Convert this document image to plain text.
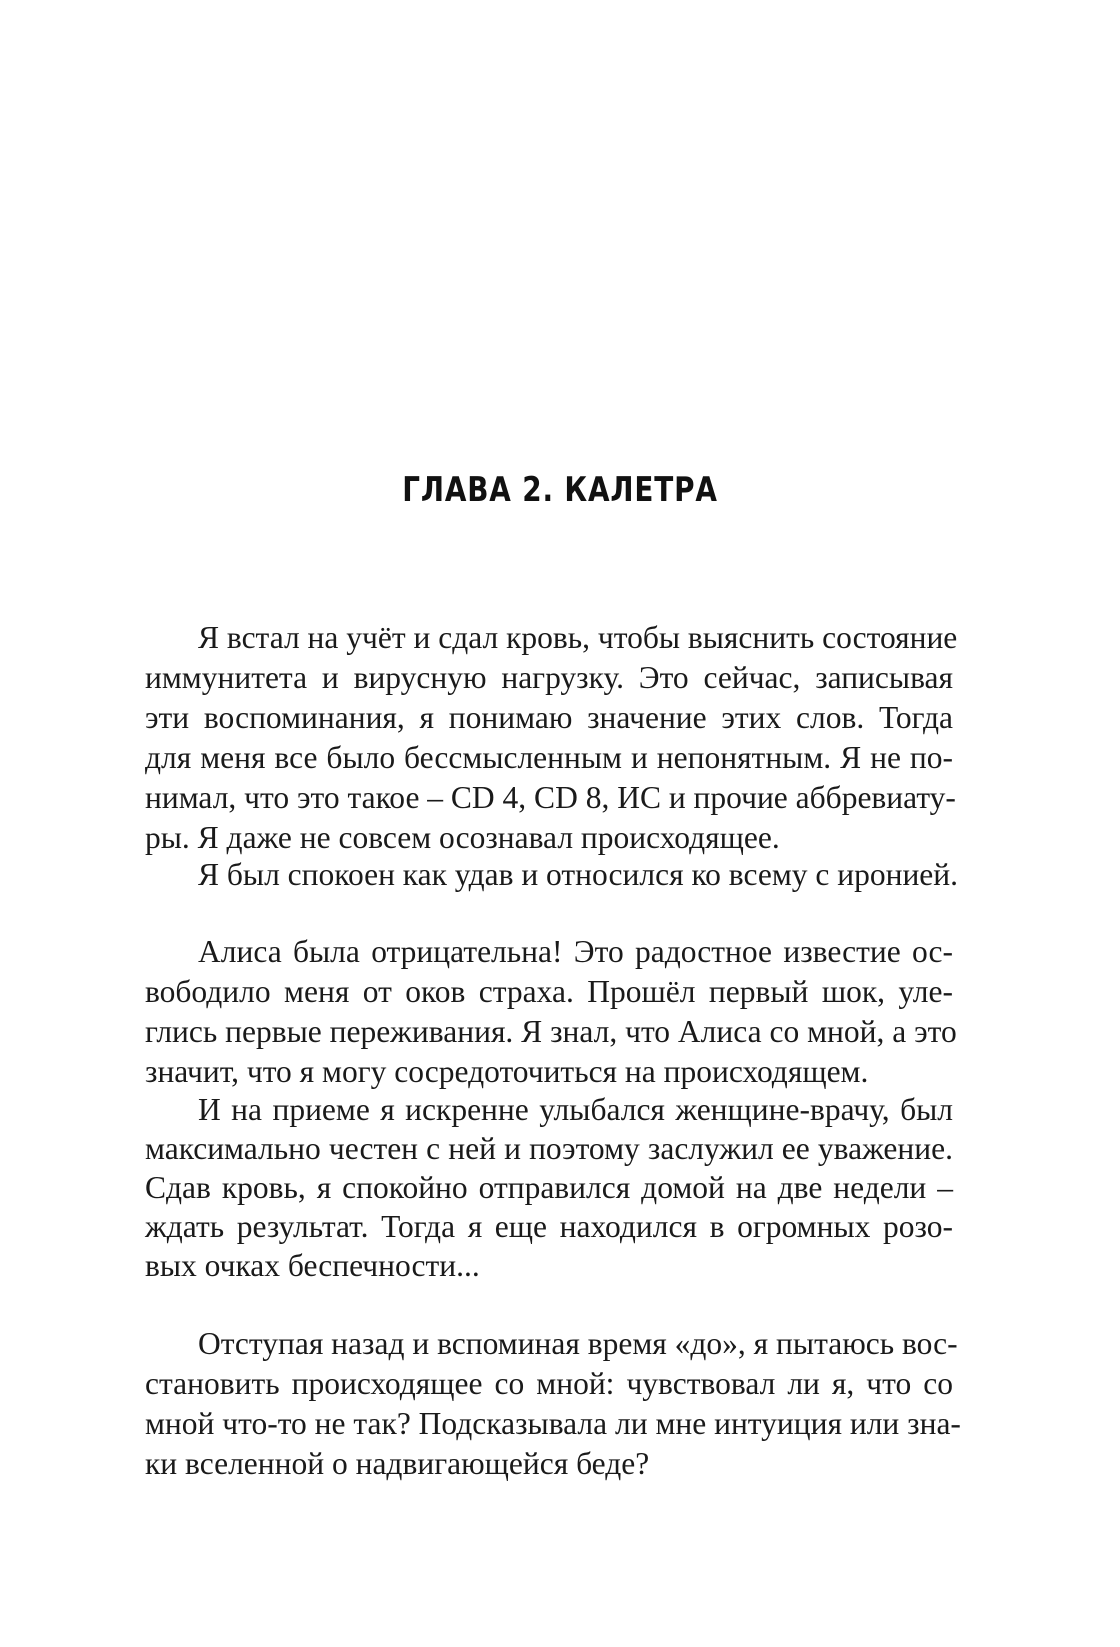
ГЛАВА 2. КАЛЕТРА
Я встал на учёт и сдал кровь, чтобы выяснить состояние
иммунитета и вирусную нагрузку. Это сейчас, записывая
эти воспоминания, я понимаю значение этих слов. Тогда
для меня все было бессмысленным и непонятным. Я не по-
нимал, что это такое – CD 4, CD 8, ИС и прочие аббревиату-
ры. Я даже не совсем осознавал происходящее.
Я был спокоен как удав и относился ко всему с иронией.
Алиса была отрицательна! Это радостное известие ос-
вободило меня от оков страха. Прошёл первый шок, уле-
глись первые переживания. Я знал, что Алиса со мной, а это
значит, что я могу сосредоточиться на происходящем.
И на приеме я искренне улыбался женщине-врачу, был
максимально честен с ней и поэтому заслужил ее уважение.
Сдав кровь, я спокойно отправился домой на две недели –
ждать результат. Тогда я еще находился в огромных розо-
вых очках беспечности...
Отступая назад и вспоминая время «до», я пытаюсь вос-
становить происходящее со мной: чувствовал ли я, что со
мной что-то не так? Подсказывала ли мне интуиция или зна-
ки вселенной о надвигающейся беде?
